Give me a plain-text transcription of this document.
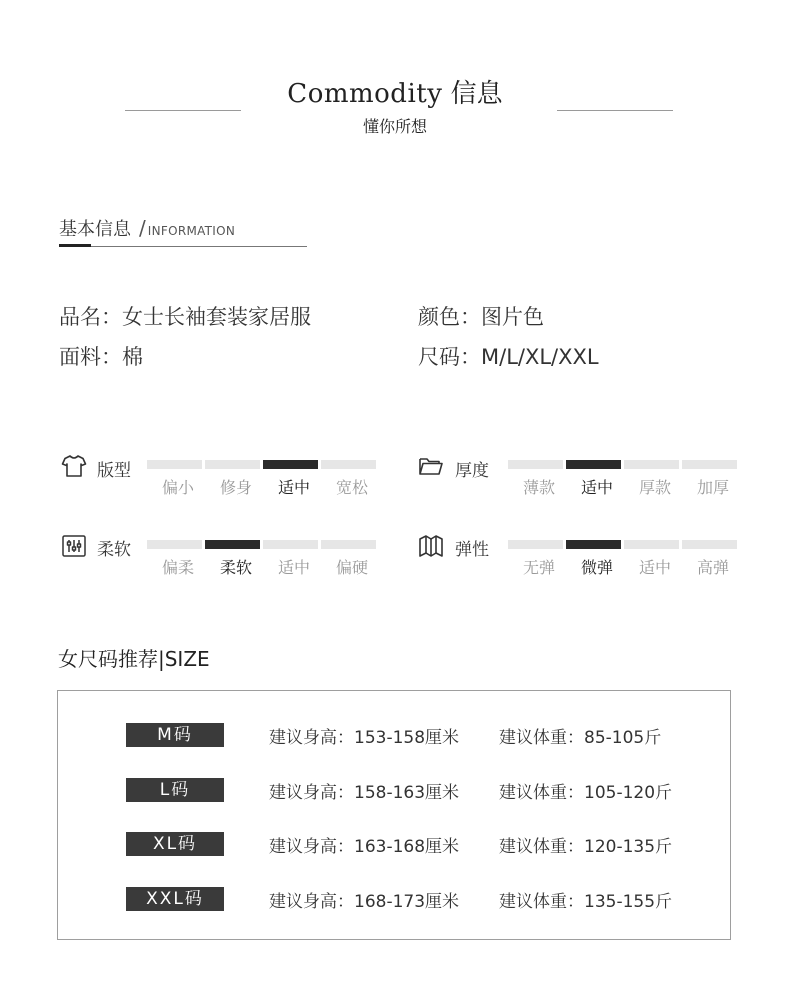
Commodity 信息
懂你所想
基本信息 / INFORMATION
品名：女士长袖套装家居服	颜色：图片色
面料：棉	尺码：M/L/XL/XXL
版型
偏小	修身	适中	宽松
厚度
薄款	适中	厚款	加厚
柔软
偏柔	柔软	适中	偏硬
弹性
无弹	微弹	适中	高弹
女尺码推荐|SIZE
M码	建议身高：153-158厘米 建议体重：85-105斤
L码	建议身高：158-163厘米 建议体重：105-120斤
XL码	建议身高：163-168厘米 建议体重：120-135斤
XXL码	建议身高：168-173厘米 建议体重：135-155斤
